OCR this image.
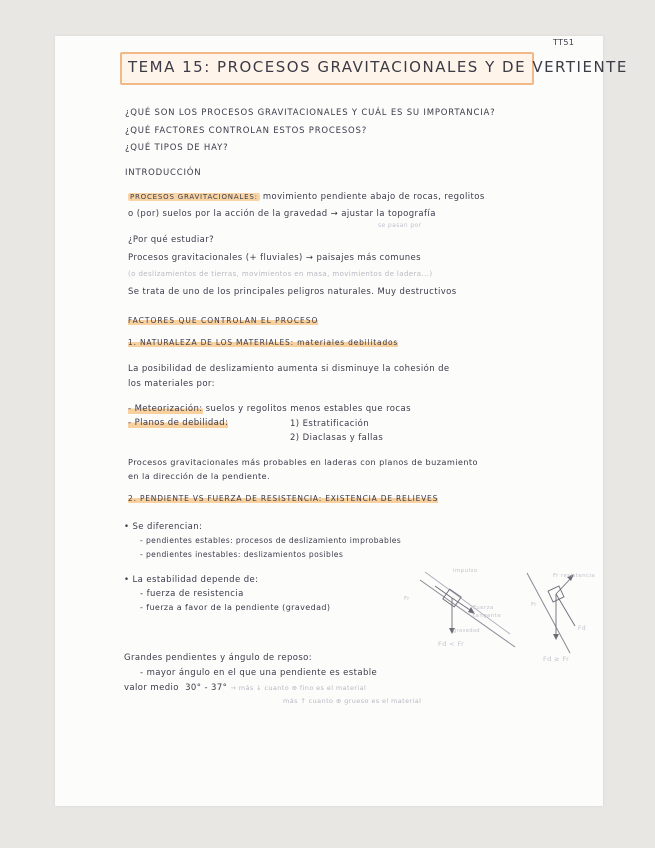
TT51
TEMA 15: PROCESOS GRAVITACIONALES Y DE VERTIENTE
¿QUÉ SON LOS PROCESOS GRAVITACIONALES Y CUÁL ES SU IMPORTANCIA?
¿QUÉ FACTORES CONTROLAN ESTOS PROCESOS?
¿QUÉ TIPOS DE HAY?
INTRODUCCIÓN
PROCESOS GRAVITACIONALES: movimiento pendiente abajo de rocas, regolitos
o (por) suelos por la acción de la gravedad → ajustar la topografía
se pasan por
¿Por qué estudiar?
Procesos gravitacionales (+ fluviales) → paisajes más comunes
(o deslizamientos de tierras, movimientos en masa, movimientos de ladera...)
Se trata de uno de los principales peligros naturales. Muy destructivos
FACTORES QUE CONTROLAN EL PROCESO
1. NATURALEZA DE LOS MATERIALES: materiales debilitados
La posibilidad de deslizamiento aumenta si disminuye la cohesión de
los materiales por:
- Meteorización: suelos y regolitos menos estables que rocas
- Planos de debilidad:	1) Estratificación
2) Diaclasas y fallas
Procesos gravitacionales más probables en laderas con planos de buzamiento
en la dirección de la pendiente.
2. PENDIENTE VS FUERZA DE RESISTENCIA: EXISTENCIA DE RELIEVES
• Se diferencian:
- pendientes estables: procesos de deslizamiento improbables
- pendientes inestables: deslizamientos posibles
• La estabilidad depende de:
- fuerza de resistencia
- fuerza a favor de la pendiente (gravedad)
Grandes pendientes y ángulo de reposo:
- mayor ángulo en el que una pendiente es estable
valor medio 30° - 37° → más ↓ cuanto ⊕ fino es el material
más ↑ cuanto ⊕ grueso es el material
impulso
Fuerza
tangente
Fr
gravedad
Fd < Fr
Fr resistencia
Fr
Fd
Fd ≥ Fr
